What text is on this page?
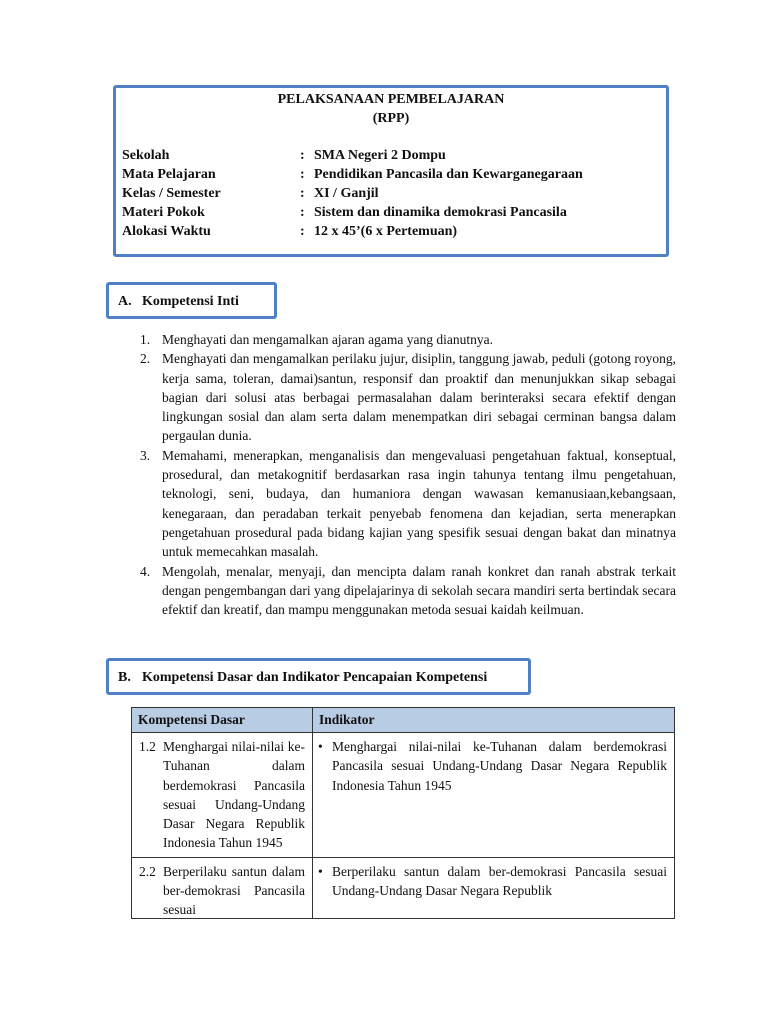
PELAKSANAAN PEMBELAJARAN
(RPP)
Sekolah	: SMA Negeri 2 Dompu
Mata Pelajaran	: Pendidikan Pancasila dan Kewarganegaraan
Kelas / Semester	: XI / Ganjil
Materi Pokok	: Sistem dan dinamika demokrasi Pancasila
Alokasi Waktu	: 12 x 45’(6 x Pertemuan)
A. Kompetensi Inti
1. Menghayati dan mengamalkan ajaran agama yang dianutnya.
2. Menghayati dan mengamalkan perilaku jujur, disiplin, tanggung jawab, peduli (gotong royong, kerja sama, toleran, damai)santun, responsif dan proaktif dan menunjukkan sikap sebagai bagian dari solusi atas berbagai permasalahan dalam berinteraksi secara efektif dengan lingkungan sosial dan alam serta dalam menempatkan diri sebagai cerminan bangsa dalam pergaulan dunia.
3. Memahami, menerapkan, menganalisis dan mengevaluasi pengetahuan faktual, konseptual, prosedural, dan metakognitif berdasarkan rasa ingin tahunya tentang ilmu pengetahuan, teknologi, seni, budaya, dan humaniora dengan wawasan kemanusiaan,kebangsaan, kenegaraan, dan peradaban terkait penyebab fenomena dan kejadian, serta menerapkan pengetahuan prosedural pada bidang kajian yang spesifik sesuai dengan bakat dan minatnya untuk memecahkan masalah.
4. Mengolah, menalar, menyaji, dan mencipta dalam ranah konkret dan ranah abstrak terkait dengan pengembangan dari yang dipelajarinya di sekolah secara mandiri serta bertindak secara efektif dan kreatif, dan mampu menggunakan metoda sesuai kaidah keilmuan.
B. Kompetensi Dasar dan Indikator Pencapaian Kompetensi
Kompetensi Dasar	Indikator

1.2 Menghargai nilai-nilai ke-Tuhanan dalam berdemokrasi Pancasila sesuai Undang-Undang Dasar Negara Republik Indonesia Tahun 1945	• Menghargai nilai-nilai ke-Tuhanan dalam berdemokrasi Pancasila sesuai Undang-Undang Dasar Negara Republik Indonesia Tahun 1945

2.2 Berperilaku santun dalam ber-demokrasi Pancasila sesuai	• Berperilaku santun dalam ber-demokrasi Pancasila sesuai Undang-Undang Dasar Negara Republik
